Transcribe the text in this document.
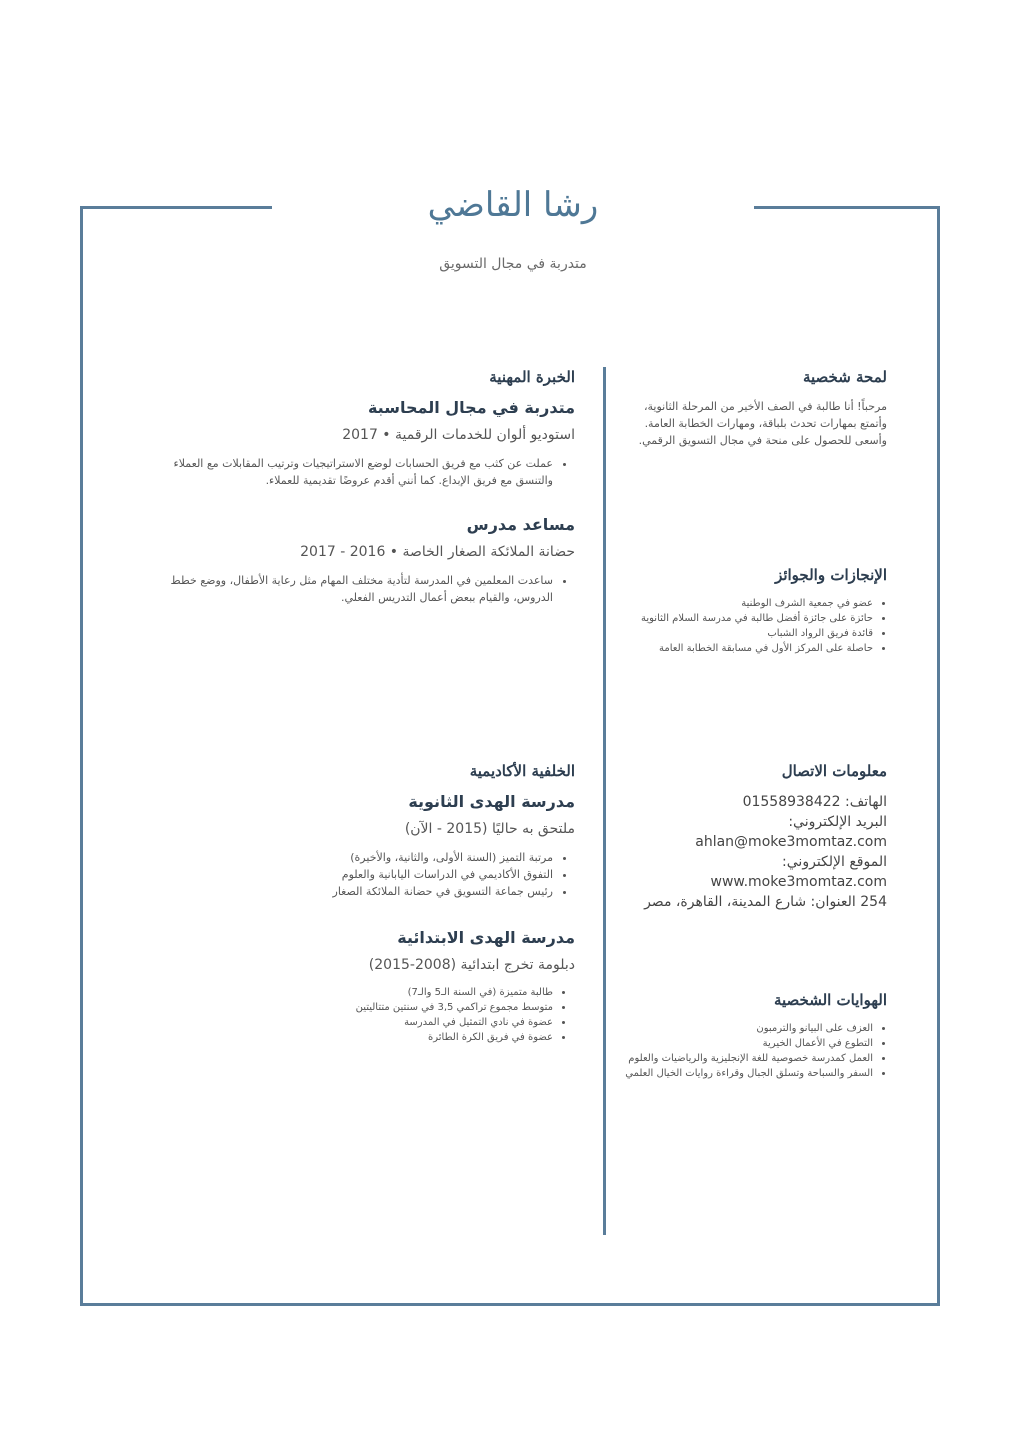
رشا القاضي
متدربة في مجال التسويق
لمحة شخصية

مرحباً! أنا طالبة في الصف الأخير من المرحلة الثانوية، وأتمتع بمهارات تحدث بلباقة، ومهارات الخطابة العامة. وأسعى للحصول على منحة في مجال التسويق الرقمي.

الإنجازات والجوائز
• عضو في جمعية الشرف الوطنية
• حائزة على جائزة أفضل طالبة في مدرسة السلام الثانوية
• قائدة فريق الرواد الشباب
• حاصلة على المركز الأول في مسابقة الخطابة العامة
معلومات الاتصال

الهاتف: 01558938422

البريد الإلكتروني:

ahlan@moke3momtaz.com

الموقع الإلكتروني:

www.moke3momtaz.com

254 العنوان: شارع المدينة، القاهرة، مصر

الهوايات الشخصية
• العزف على البيانو والترمبون
• التطوع في الأعمال الخيرية
• العمل كمدرسة خصوصية للغة الإنجليزية والرياضيات والعلوم
• السفر والسباحة وتسلق الجبال وقراءة روايات الخيال العلمي
الخبرة المهنية
متدربة في مجال المحاسبة
استوديو ألوان للخدمات الرقمية • 2017
• عملت عن كثب مع فريق الحسابات لوضع الاستراتيجيات وترتيب المقابلات مع العملاء والتنسق مع فريق الإبداع. كما أنني أقدم عروضًا تقديمية للعملاء.
مساعد مدرس
حضانة الملائكة الصغار الخاصة • 2016 - 2017
• ساعدت المعلمين في المدرسة لتأدية مختلف المهام مثل رعاية الأطفال، ووضع خطط الدروس، والقيام ببعض أعمال التدريس الفعلي.
الخلفية الأكاديمية
مدرسة الهدى الثانوية
ملتحق به حاليًا (2015 - الآن)
• مرتبة التميز (السنة الأولى، والثانية، والأخيرة)
• التفوق الأكاديمي في الدراسات اليابانية والعلوم
• رئيس جماعة التسويق في حضانة الملائكة الصغار
مدرسة الهدى الابتدائية
دبلومة تخرج ابتدائية (2008-2015)
• طالبة متميزة (في السنة الـ5 والـ7)
• متوسط مجموع تراكمي 3,5 في سنتين متتاليتين
• عضوة في نادي التمثيل في المدرسة
• عضوة في فريق الكرة الطائرة
